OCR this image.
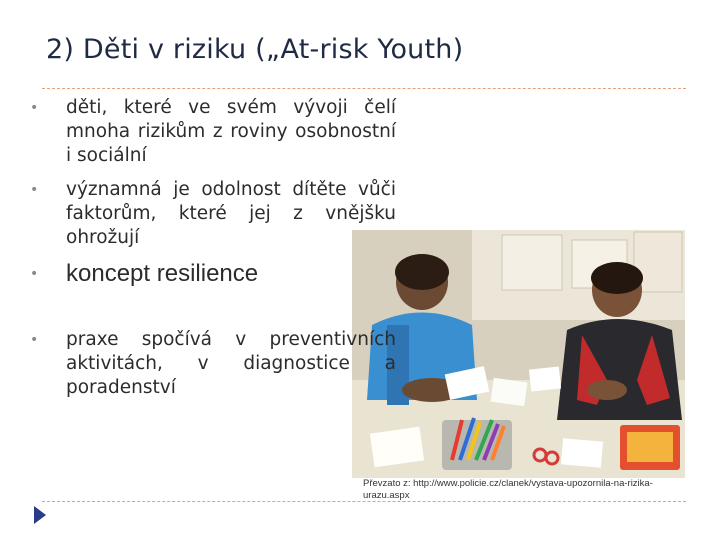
2) Děti v riziku („At-risk Youth)
•	děti, které ve svém vývoji čelí mnoha rizikům z roviny osobnostní i sociální
•	významná je odolnost dítěte vůči faktorům, které jej z vnějšku ohrožují
•	koncept resilience
•	praxe spočívá v preventivních aktivitách, v diagnostice a poradenství
Převzato z: http://www.policie.cz/clanek/vystava-upozornila-na-rizika-urazu.aspx
